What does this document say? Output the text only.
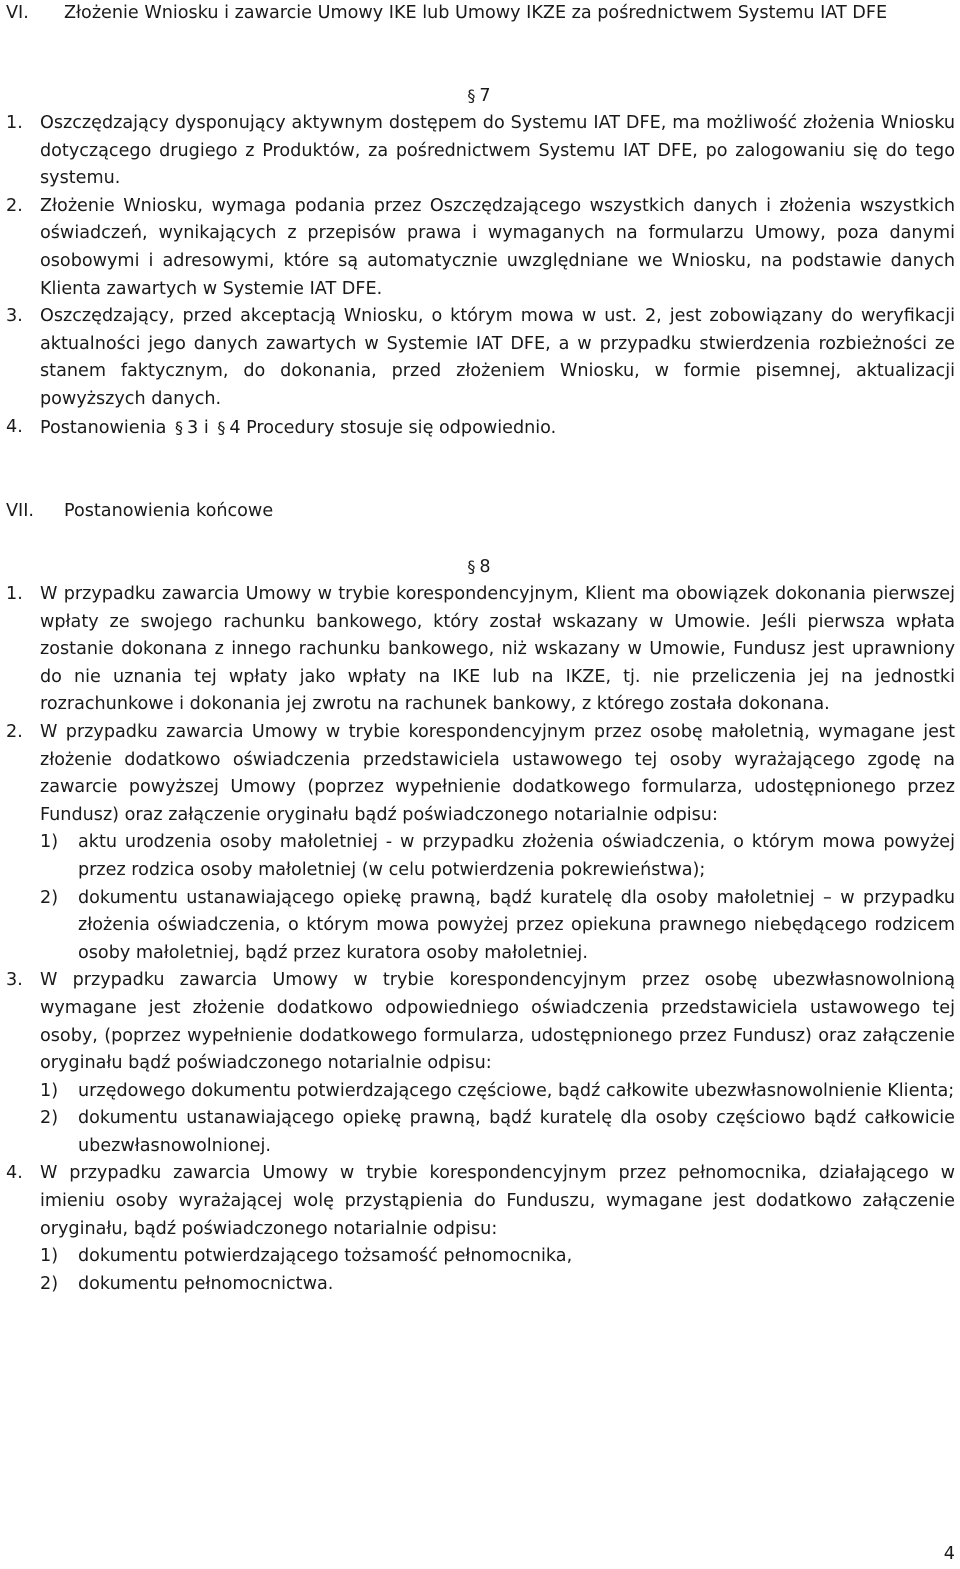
VI.	Złożenie Wniosku i zawarcie Umowy IKE lub Umowy IKZE za pośrednictwem Systemu IAT DFE
§ 7
1. Oszczędzający dysponujący aktywnym dostępem do Systemu IAT DFE, ma możliwość złożenia Wniosku dotyczącego drugiego z Produktów, za pośrednictwem Systemu IAT DFE, po zalogowaniu się do tego systemu.
2. Złożenie Wniosku, wymaga podania przez Oszczędzającego wszystkich danych i złożenia wszystkich oświadczeń, wynikających z przepisów prawa i wymaganych na formularzu Umowy, poza danymi osobowymi i adresowymi, które są automatycznie uwzględniane we Wniosku, na podstawie danych Klienta zawartych w Systemie IAT DFE.
3. Oszczędzający, przed akceptacją Wniosku, o którym mowa w ust. 2, jest zobowiązany do weryfikacji aktualności jego danych zawartych w Systemie IAT DFE, a w przypadku stwierdzenia rozbieżności ze stanem faktycznym, do dokonania, przed złożeniem Wniosku, w formie pisemnej, aktualizacji powyższych danych.
4. Postanowienia § 3 i § 4 Procedury stosuje się odpowiednio.
VII.	Postanowienia końcowe
§ 8
1. W przypadku zawarcia Umowy w trybie korespondencyjnym, Klient ma obowiązek dokonania pierwszej wpłaty ze swojego rachunku bankowego, który został wskazany w Umowie. Jeśli pierwsza wpłata zostanie dokonana z innego rachunku bankowego, niż wskazany w Umowie, Fundusz jest uprawniony do nie uznania tej wpłaty jako wpłaty na IKE lub na IKZE, tj. nie przeliczenia jej na jednostki rozrachunkowe i dokonania jej zwrotu na rachunek bankowy, z którego została dokonana.
2. W przypadku zawarcia Umowy w trybie korespondencyjnym przez osobę małoletnią, wymagane jest złożenie dodatkowo oświadczenia przedstawiciela ustawowego tej osoby wyrażającego zgodę na zawarcie powyższej Umowy (poprzez wypełnienie dodatkowego formularza, udostępnionego przez Fundusz) oraz załączenie oryginału bądź poświadczonego notarialnie odpisu:
1) aktu urodzenia osoby małoletniej - w przypadku złożenia oświadczenia, o którym mowa powyżej przez rodzica osoby małoletniej (w celu potwierdzenia pokrewieństwa);
2) dokumentu ustanawiającego opiekę prawną, bądź kuratelę dla osoby małoletniej – w przypadku złożenia oświadczenia, o którym mowa powyżej przez opiekuna prawnego niebędącego rodzicem osoby małoletniej, bądź przez kuratora osoby małoletniej.
3. W przypadku zawarcia Umowy w trybie korespondencyjnym przez osobę ubezwłasnowolnioną wymagane jest złożenie dodatkowo odpowiedniego oświadczenia przedstawiciela ustawowego tej osoby, (poprzez wypełnienie dodatkowego formularza, udostępnionego przez Fundusz) oraz załączenie oryginału bądź poświadczonego notarialnie odpisu:
1) urzędowego dokumentu potwierdzającego częściowe, bądź całkowite ubezwłasnowolnienie Klienta;
2) dokumentu ustanawiającego opiekę prawną, bądź kuratelę dla osoby częściowo bądź całkowicie ubezwłasnowolnionej.
4. W przypadku zawarcia Umowy w trybie korespondencyjnym przez pełnomocnika, działającego w imieniu osoby wyrażającej wolę przystąpienia do Funduszu, wymagane jest dodatkowo załączenie oryginału, bądź poświadczonego notarialnie odpisu:
1) dokumentu potwierdzającego tożsamość pełnomocnika,
2) dokumentu pełnomocnictwa.
4
